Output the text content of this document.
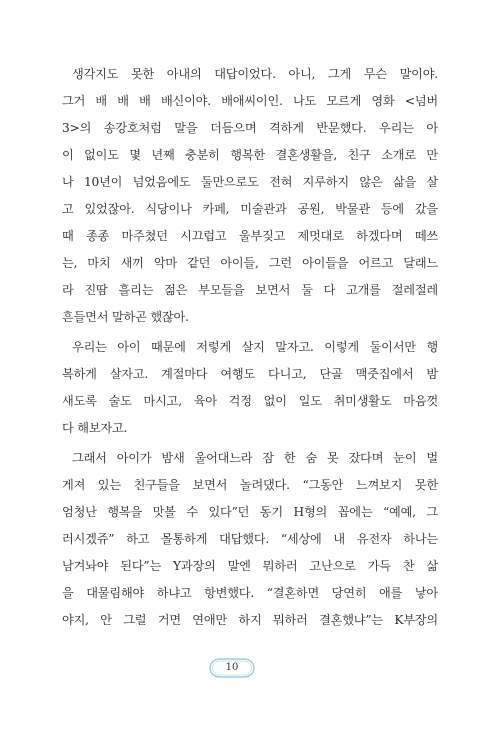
생각지도 못한 아내의 대답이었다. 아니, 그게 무슨 말이야.
그거 배 배 배 배신이야. 배애씨이인. 나도 모르게 영화 <넘버
3>의 송강호처럼 말을 더듬으며 격하게 반문했다. 우리는 아
이 없이도 몇 년째 충분히 행복한 결혼생활을, 친구 소개로 만
나 10년이 넘었음에도 둘만으로도 전혀 지루하지 않은 삶을 살
고 있었잖아. 식당이나 카페, 미술관과 공원, 박물관 등에 갔을
때 종종 마주쳤던 시끄럽고 울부짖고 제멋대로 하겠다며 떼쓰
는, 마치 새끼 악마 같던 아이들, 그런 아이들을 어르고 달래느
라 진땀 흘리는 젊은 부모들을 보면서 둘 다 고개를 절레절레
흔들면서 말하곤 했잖아.
우리는 아이 때문에 저렇게 살지 말자고. 이렇게 둘이서만 행
복하게 살자고. 계절마다 여행도 다니고, 단골 맥줏집에서 밤
새도록 술도 마시고, 육아 걱정 없이 일도 취미생활도 마음껏
다 해보자고.
그래서 아이가 밤새 울어대느라 잠 한 숨 못 잤다며 눈이 벌
게져 있는 친구들을 보면서 놀려댔다. “그동안 느껴보지 못한
엄청난 행복을 맛볼 수 있다”던 동기 H형의 꼽에는 “예예, 그
러시겠쥬” 하고 몰통하게 대답했다. “세상에 내 유전자 하나는
남겨놔야 된다”는 Y과장의 말엔 뭐하러 고난으로 가득 찬 삶
을 대물림해야 하냐고 항변했다. “결혼하면 당연히 애를 낳아
야지, 안 그럴 거면 연애만 하지 뭐하러 결혼했냐”는 K부장의
10
